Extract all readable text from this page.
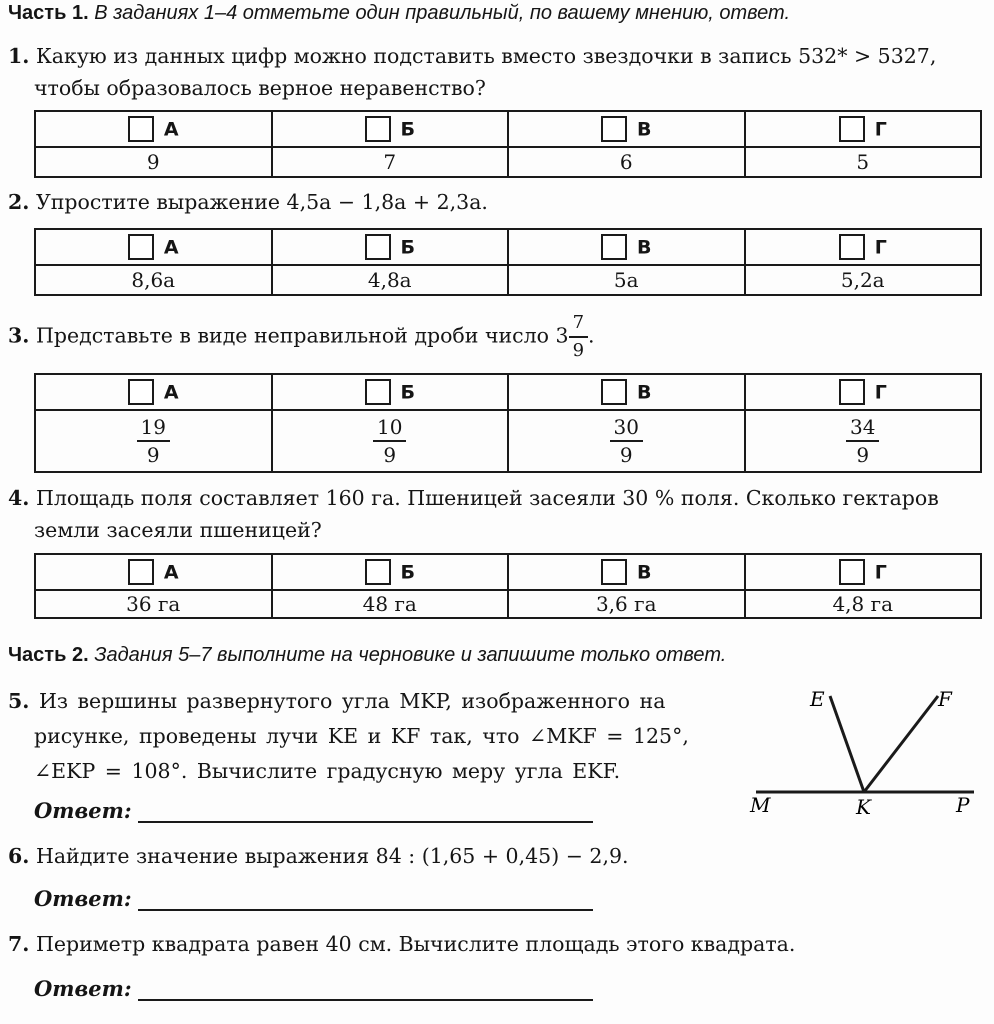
Часть 1. В заданиях 1–4 отметьте один правильный, по вашему мнению, ответ.
1. Какую из данных цифр можно подставить вместо звездочки в запись 532* > 5327,
чтобы образовалось верное неравенство?
А	Б	В	Г
9	7	6	5
2. Упростите выражение 4,5a − 1,8a + 2,3a.
А	Б	В	Г
8,6a	4,8a	5a	5,2a
3. Представьте в виде неправильной дроби число $3 \frac{7}{9}$ .
А	Б	В	Г

$\frac{19}{9}$	$\frac{10}{9}$	$\frac{30}{9}$	$\frac{34}{9}$
4. Площадь поля составляет 160 га. Пшеницей засеяли 30 % поля. Сколько гектаров
земли засеяли пшеницей?
А	Б	В	Г
36 га	48 га	3,6 га	4,8 га
Часть 2. Задания 5–7 выполните на черновике и запишите только ответ.
5. Из вершины развернутого угла MKP, изображенного на
рисунке, проведены лучи KE и KF так, что ∠MKF = 125°,
∠EKP = 108°. Вычислите градусную меру угла EKF.
E	F
M	K	P
Ответ:
6. Найдите значение выражения 84 : (1,65 + 0,45) − 2,9.
Ответ:
7. Периметр квадрата равен 40 см. Вычислите площадь этого квадрата.
Ответ:
